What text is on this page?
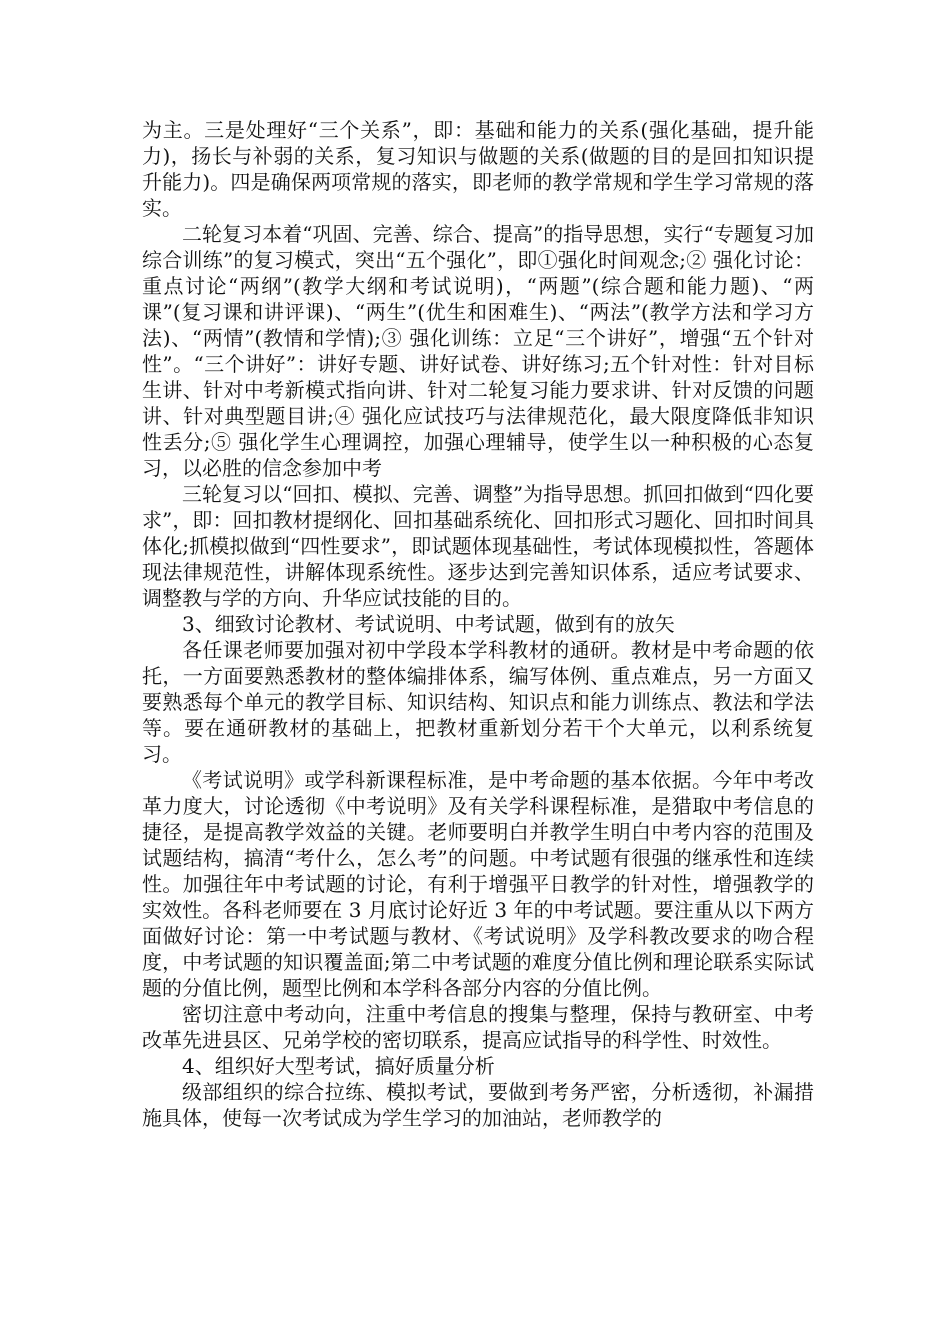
为主。三是处理好“三个关系”，即：基础和能力的关系(强化基础，提升能力)，扬长与补弱的关系，复习知识与做题的关系(做题的目的是回扣知识提升能力)。四是确保两项常规的落实，即老师的教学常规和学生学习常规的落实。

二轮复习本着“巩固、完善、综合、提高”的指导思想，实行“专题复习加综合训练”的复习模式，突出“五个强化”，即①强化时间观念;② 强化讨论：重点讨论“两纲”(教学大纲和考试说明)，“两题”(综合题和能力题)、“两课”(复习课和讲评课)、“两生”(优生和困难生)、“两法”(教学方法和学习方法)、“两情”(教情和学情);③ 强化训练：立足“三个讲好”，增强“五个针对性”。“三个讲好”：讲好专题、讲好试卷、讲好练习;五个针对性：针对目标生讲、针对中考新模式指向讲、针对二轮复习能力要求讲、针对反馈的问题讲、针对典型题目讲;④ 强化应试技巧与法律规范化，最大限度降低非知识性丢分;⑤ 强化学生心理调控，加强心理辅导，使学生以一种积极的心态复习，以必胜的信念参加中考

三轮复习以“回扣、模拟、完善、调整”为指导思想。抓回扣做到“四化要求”，即：回扣教材提纲化、回扣基础系统化、回扣形式习题化、回扣时间具体化;抓模拟做到“四性要求”，即试题体现基础性，考试体现模拟性，答题体现法律规范性，讲解体现系统性。逐步达到完善知识体系，适应考试要求、调整教与学的方向、升华应试技能的目的。

3、细致讨论教材、考试说明、中考试题，做到有的放矢

各任课老师要加强对初中学段本学科教材的通研。教材是中考命题的依托，一方面要熟悉教材的整体编排体系，编写体例、重点难点，另一方面又要熟悉每个单元的教学目标、知识结构、知识点和能力训练点、教法和学法等。要在通研教材的基础上，把教材重新划分若干个大单元，以利系统复习。

《考试说明》或学科新课程标准，是中考命题的基本依据。今年中考改革力度大，讨论透彻《中考说明》及有关学科课程标准，是猎取中考信息的捷径，是提高教学效益的关键。老师要明白并教学生明白中考内容的范围及试题结构，搞清“考什么，怎么考”的问题。中考试题有很强的继承性和连续性。加强往年中考试题的讨论，有利于增强平日教学的针对性，增强教学的实效性。各科老师要在 3 月底讨论好近 3 年的中考试题。要注重从以下两方面做好讨论：第一中考试题与教材、《考试说明》及学科教改要求的吻合程度，中考试题的知识覆盖面;第二中考试题的难度分值比例和理论联系实际试题的分值比例，题型比例和本学科各部分内容的分值比例。

密切注意中考动向，注重中考信息的搜集与整理，保持与教研室、中考改革先进县区、兄弟学校的密切联系，提高应试指导的科学性、时效性。

4、组织好大型考试，搞好质量分析

级部组织的综合拉练、模拟考试，要做到考务严密，分析透彻，补漏措施具体，使每一次考试成为学生学习的加油站，老师教学的
